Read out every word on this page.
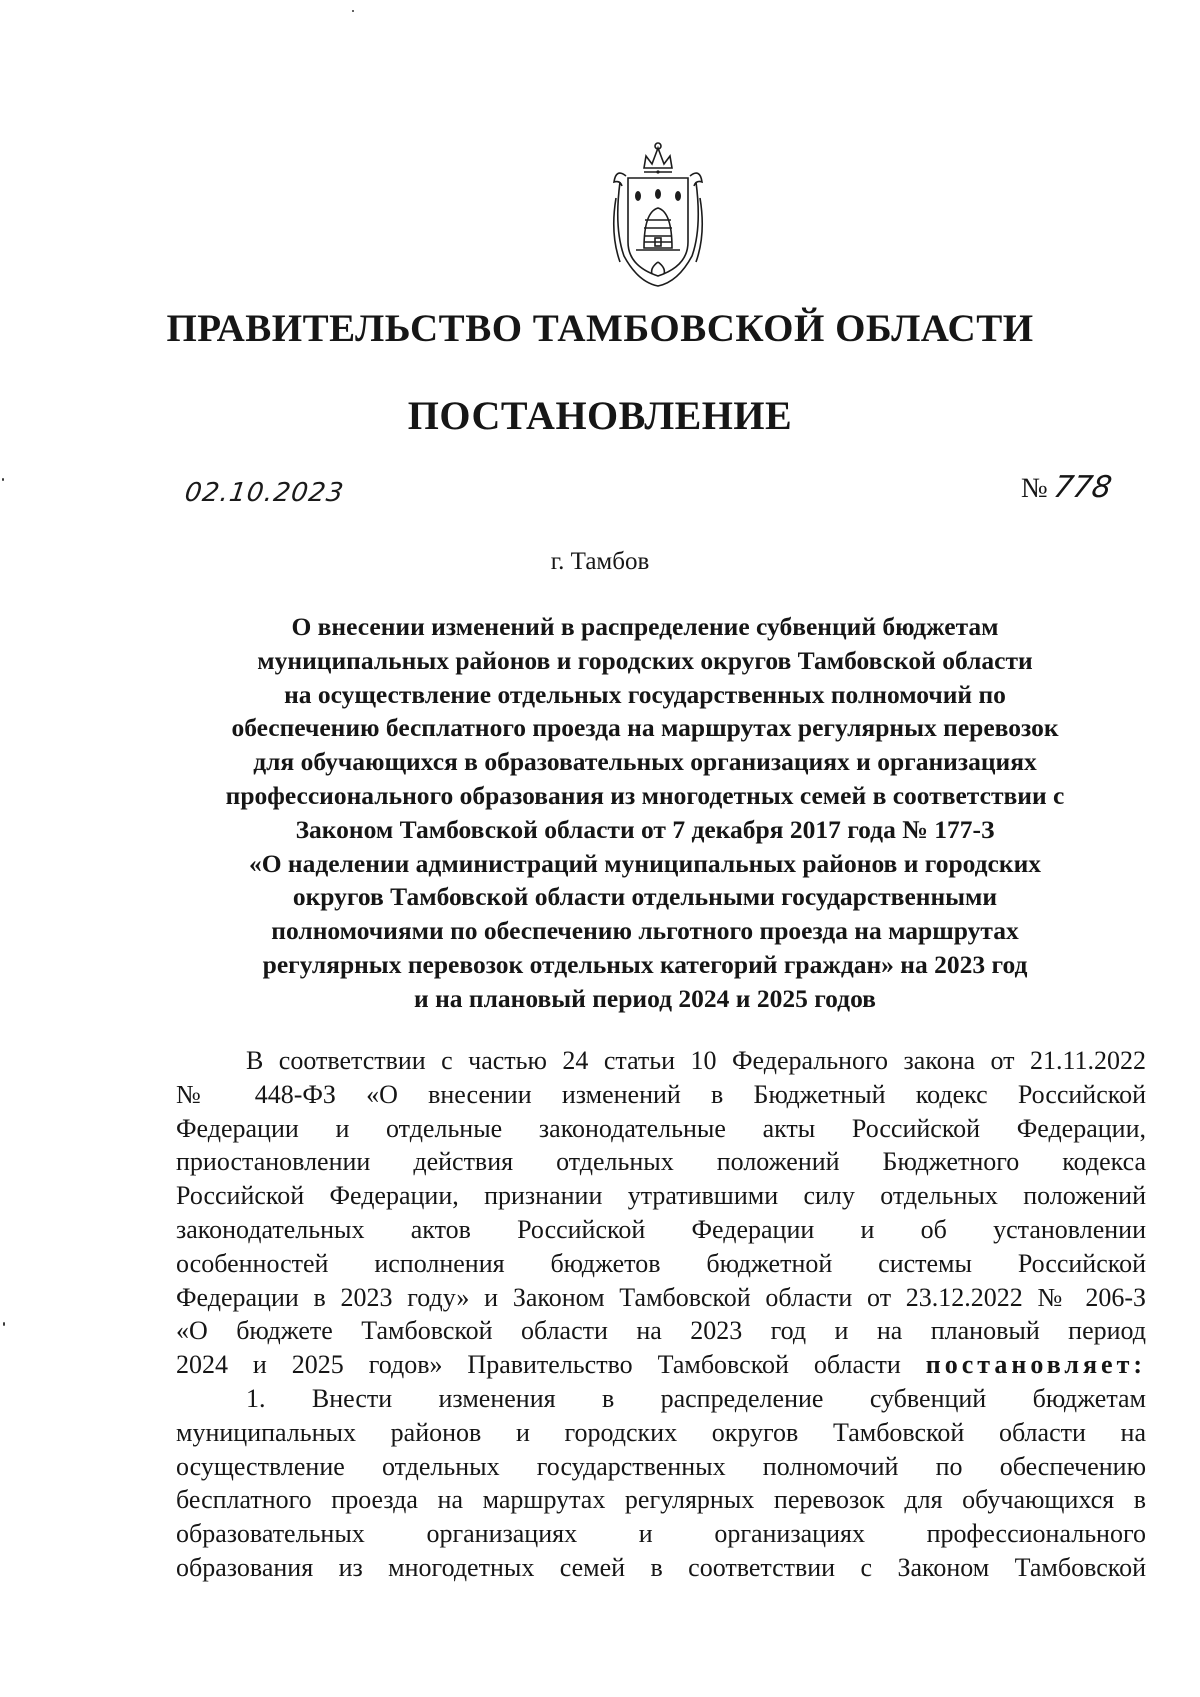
ПРАВИТЕЛЬСТВО ТАМБОВСКОЙ ОБЛАСТИ
ПОСТАНОВЛЕНИЕ
02.10.2023	№778
г. Тамбов
О внесении изменений в распределение субвенций бюджетам
муниципальных районов и городских округов Тамбовской области
на осуществление отдельных государственных полномочий по
обеспечению бесплатного проезда на маршрутах регулярных перевозок
для обучающихся в образовательных организациях и организациях
профессионального образования из многодетных семей в соответствии с
Законом Тамбовской области от 7 декабря 2017 года № 177-З
«О наделении администраций муниципальных районов и городских
округов Тамбовской области отдельными государственными
полномочиями по обеспечению льготного проезда на маршрутах
регулярных перевозок отдельных категорий граждан» на 2023 год
и на плановый период 2024 и 2025 годов
В соответствии с частью 24 статьи 10 Федерального закона от 21.11.2022
№ 448-ФЗ «О внесении изменений в Бюджетный кодекс Российской
Федерации и отдельные законодательные акты Российской Федерации,
приостановлении действия отдельных положений Бюджетного кодекса
Российской Федерации, признании утратившими силу отдельных положений
законодательных актов Российской Федерации и об установлении
особенностей исполнения бюджетов бюджетной системы Российской
Федерации в 2023 году» и Законом Тамбовской области от 23.12.2022 № 206-З
«О бюджете Тамбовской области на 2023 год и на плановый период
2024 и 2025 годов» Правительство Тамбовской области постановляет:
1. Внести изменения в распределение субвенций бюджетам
муниципальных районов и городских округов Тамбовской области на
осуществление отдельных государственных полномочий по обеспечению
бесплатного проезда на маршрутах регулярных перевозок для обучающихся в
образовательных организациях и организациях профессионального
образования из многодетных семей в соответствии с Законом Тамбовской
